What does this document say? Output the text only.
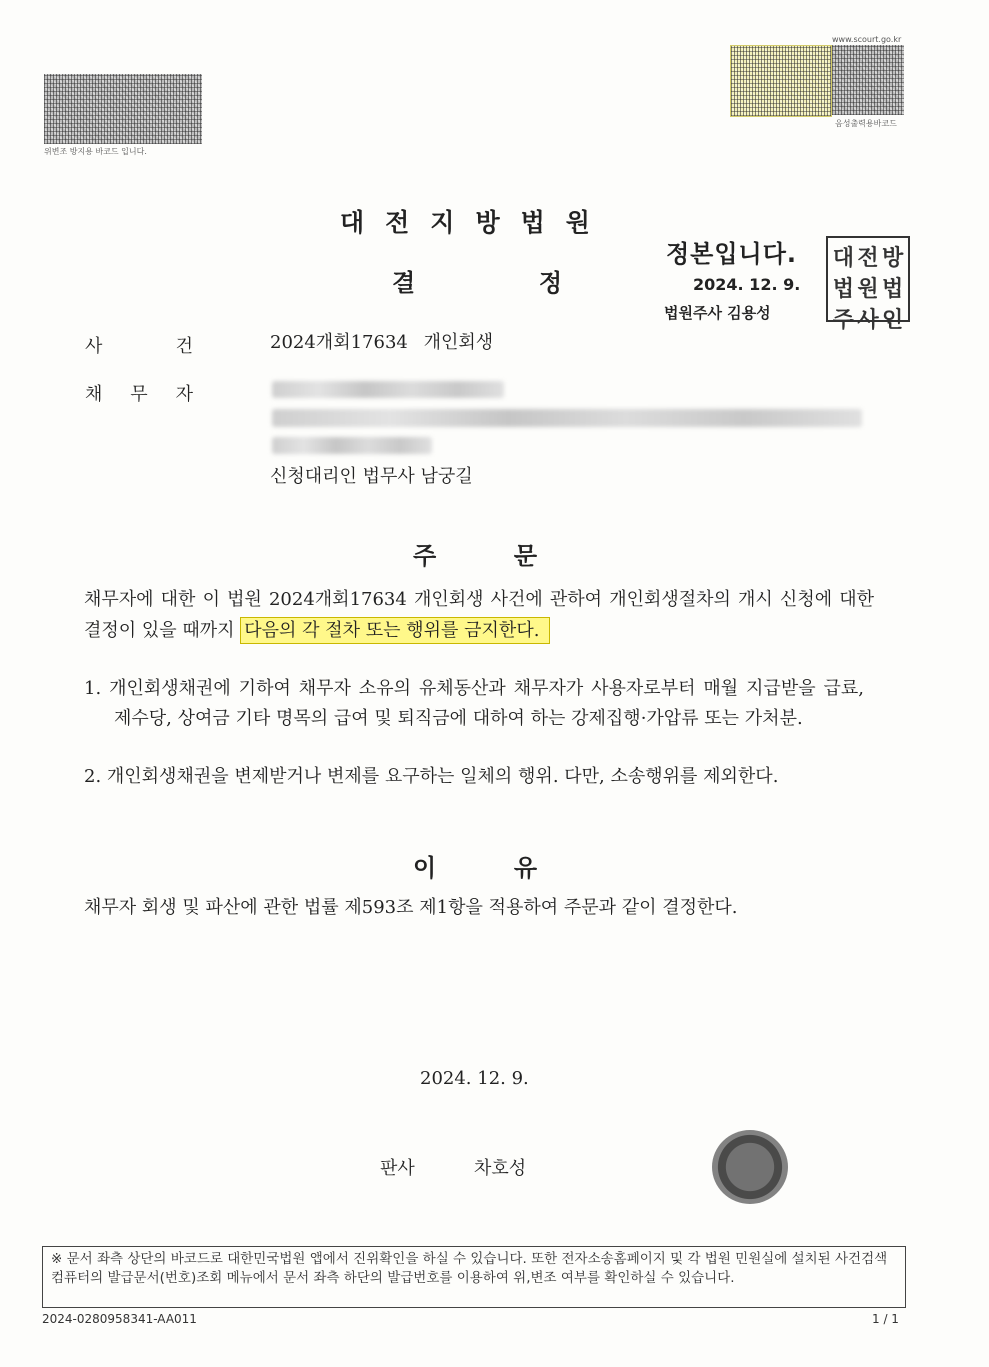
위변조 방지용 바코드 입니다.
www.scourt.go.kr
음성출력용바코드
대전지방법원
결	정
정본입니다.
2024. 12. 9.
법원주사 김용성
대 전 방
법 원 법
주 사 인
사	건	2024개회17634 개인회생
채 무 자
신청대리인 법무사 남궁길
주	문
채무자에 대한 이 법원 2024개회17634 개인회생 사건에 관하여 개인회생절차의 개시 신청에 대한 결정이 있을 때까지 다음의 각 절차 또는 행위를 금지한다.
1. 개인회생채권에 기하여 채무자 소유의 유체동산과 채무자가 사용자로부터 매월 지급받을 급료, 제수당, 상여금 기타 명목의 급여 및 퇴직금에 대하여 하는 강제집행·가압류 또는 가처분.
2. 개인회생채권을 변제받거나 변제를 요구하는 일체의 행위. 다만, 소송행위를 제외한다.
이	유
채무자 회생 및 파산에 관한 법률 제593조 제1항을 적용하여 주문과 같이 결정한다.
2024. 12. 9.
판사	차호성
※ 문서 좌측 상단의 바코드로 대한민국법원 앱에서 진위확인을 하실 수 있습니다. 또한 전자소송홈페이지 및 각 법원 민원실에 설치된 사건검색 컴퓨터의 발급문서(번호)조회 메뉴에서 문서 좌측 하단의 발급번호를 이용하여 위,변조 여부를 확인하실 수 있습니다.
2024-0280958341-AA011	1 / 1
